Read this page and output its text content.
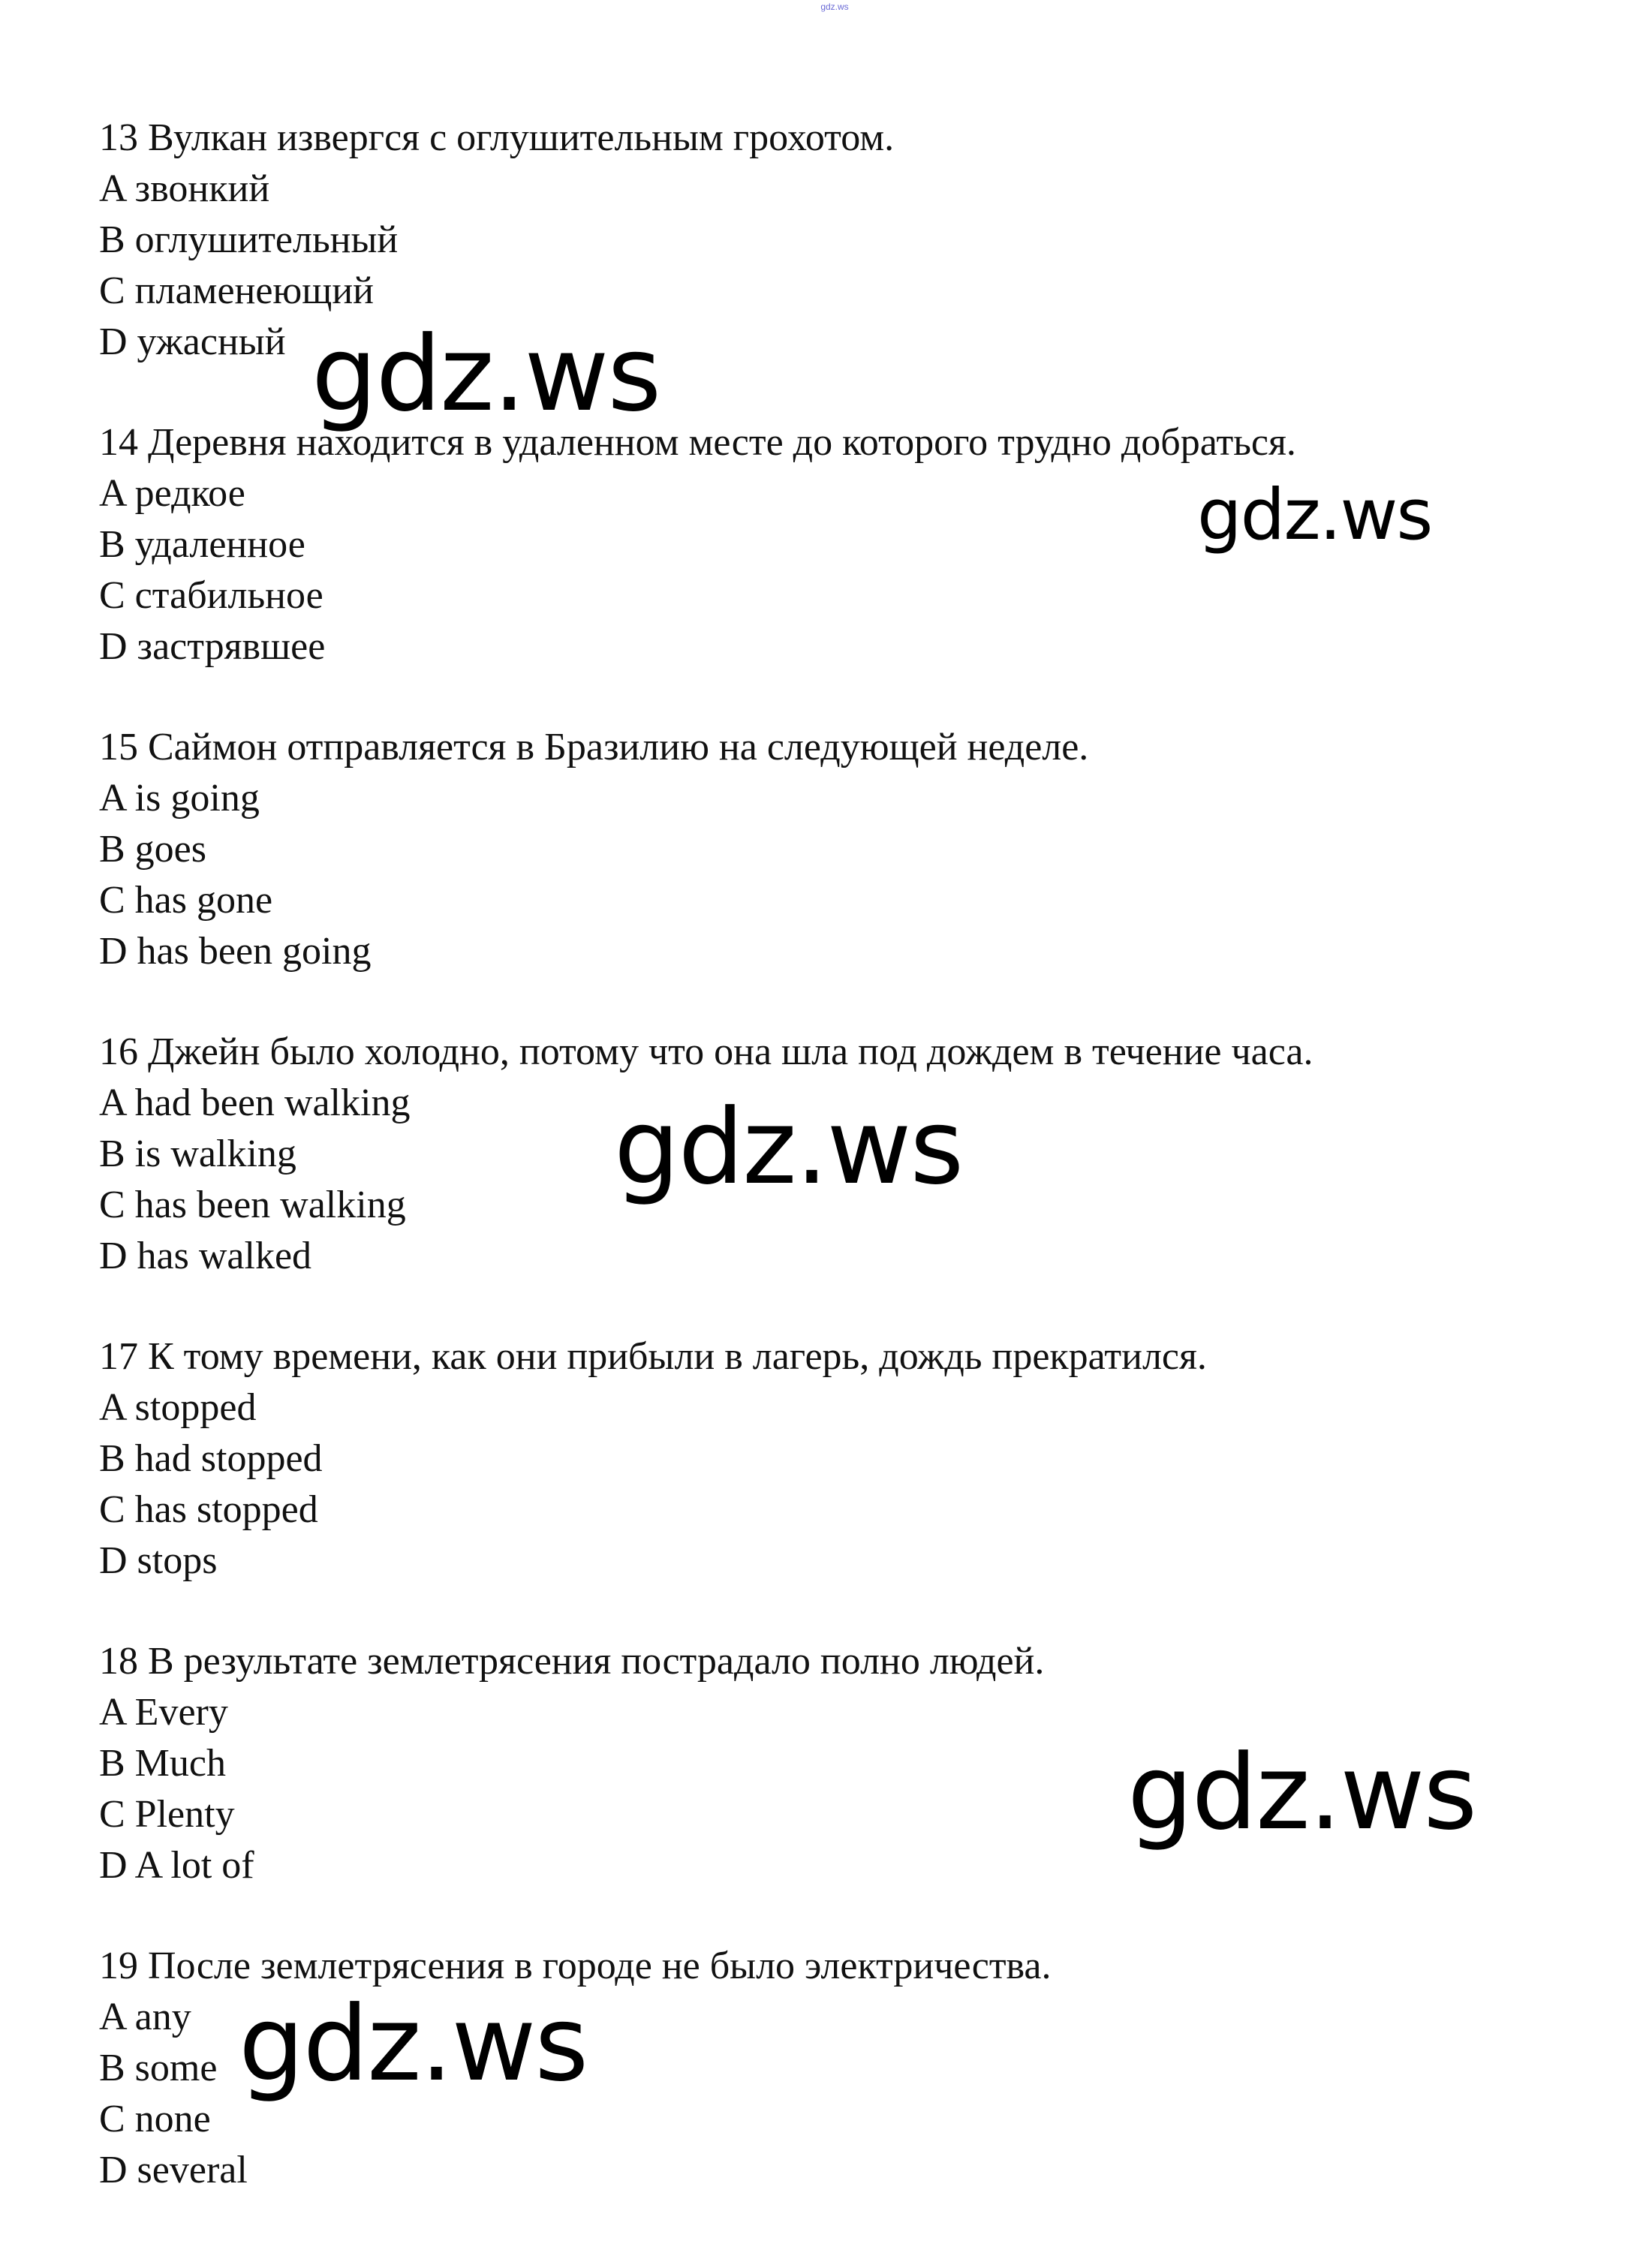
gdz.ws

13 Вулкан извергся с оглушительным грохотом.

A звонкий
B оглушительный
C пламенеющий
D ужасный

14 Деревня находится в удаленном месте до которого трудно добраться.

A редкое
B удаленное
C стабильное
D застрявшее

15 Саймон отправляется в Бразилию на следующей неделе.

A is going
B goes
C has gone
D has been going

16 Джейн было холодно, потому что она шла под дождем в течение часа.

A had been walking
B is walking
C has been walking
D has walked

17 К тому времени, как они прибыли в лагерь, дождь прекратился.

A stopped
B had stopped
C has stopped
D stops

18 В результате землетрясения пострадало полно людей.

A Every
B Much
C Plenty
D A lot of

19 После землетрясения в городе не было электричества.

A any
B some
C none
D several
gdz.ws
gdz.ws
gdz.ws
gdz.ws
gdz.ws
